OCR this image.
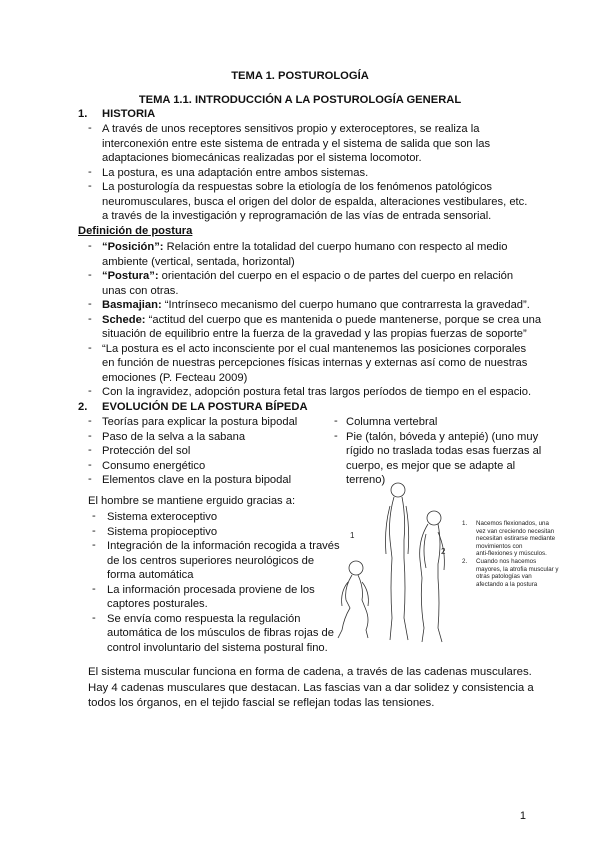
TEMA 1. POSTUROLOGÍA
TEMA 1.1. INTRODUCCIÓN A LA POSTUROLOGÍA GENERAL
1. HISTORIA
- A través de unos receptores sensitivos propio y exteroceptores, se realiza la
interconexión entre este sistema de entrada y el sistema de salida que son las
adaptaciones biomecánicas realizadas por el sistema locomotor.
- La postura, es una adaptación entre ambos sistemas.
- La posturología da respuestas sobre la etiología de los fenómenos patológicos
neuromusculares, busca el origen del dolor de espalda, alteraciones vestibulares, etc.
a través de la investigación y reprogramación de las vías de entrada sensorial.
Definición de postura
- “Posición”: Relación entre la totalidad del cuerpo humano con respecto al medio
ambiente (vertical, sentada, horizontal)
- “Postura”: orientación del cuerpo en el espacio o de partes del cuerpo en relación
unas con otras.
- Basmajian: “Intrínseco mecanismo del cuerpo humano que contrarresta la gravedad”.
- Schede: “actitud del cuerpo que es mantenida o puede mantenerse, porque se crea una
situación de equilibrio entre la fuerza de la gravedad y las propias fuerzas de soporte”
- “La postura es el acto inconsciente por el cual mantenemos las posiciones corporales
en función de nuestras percepciones físicas internas y externas así como de nuestras
emociones (P. Fecteau 2009)
- Con la ingravidez, adopción postura fetal tras largos períodos de tiempo en el espacio.
2. EVOLUCIÓN DE LA POSTURA BÍPEDA
- Teorías para explicar la postura bipodal
- Paso de la selva a la sabana
- Protección del sol
- Consumo energético
- Elementos clave en la postura bipodal
- Columna vertebral
- Pie (talón, bóveda y antepié) (uno muy
rígido no traslada todas esas fuerzas al
cuerpo, es mejor que se adapte al
terreno)
El hombre se mantiene erguido gracias a:
- Sistema exteroceptivo
- Sistema propioceptivo
- Integración de la información recogida a través
de los centros superiores neurológicos de
forma automática
- La información procesada proviene de los
captores posturales.
- Se envía como respuesta la regulación
automática de los músculos de fibras rojas de
control involuntario del sistema postural fino.
1
2
1. Nacemos flexionados, una
vez van creciendo necesitan
necesitan estirarse mediante
movimientos con
anti-flexiones y músculos.
2. Cuando nos hacemos
mayores, la atrofia muscular y
otras patologías van
afectando a la postura
El sistema muscular funciona en forma de cadena, a través de las cadenas musculares.
Hay 4 cadenas musculares que destacan. Las fascias van a dar solidez y consistencia a
todos los órganos, en el tejido fascial se reflejan todas las tensiones.
1
